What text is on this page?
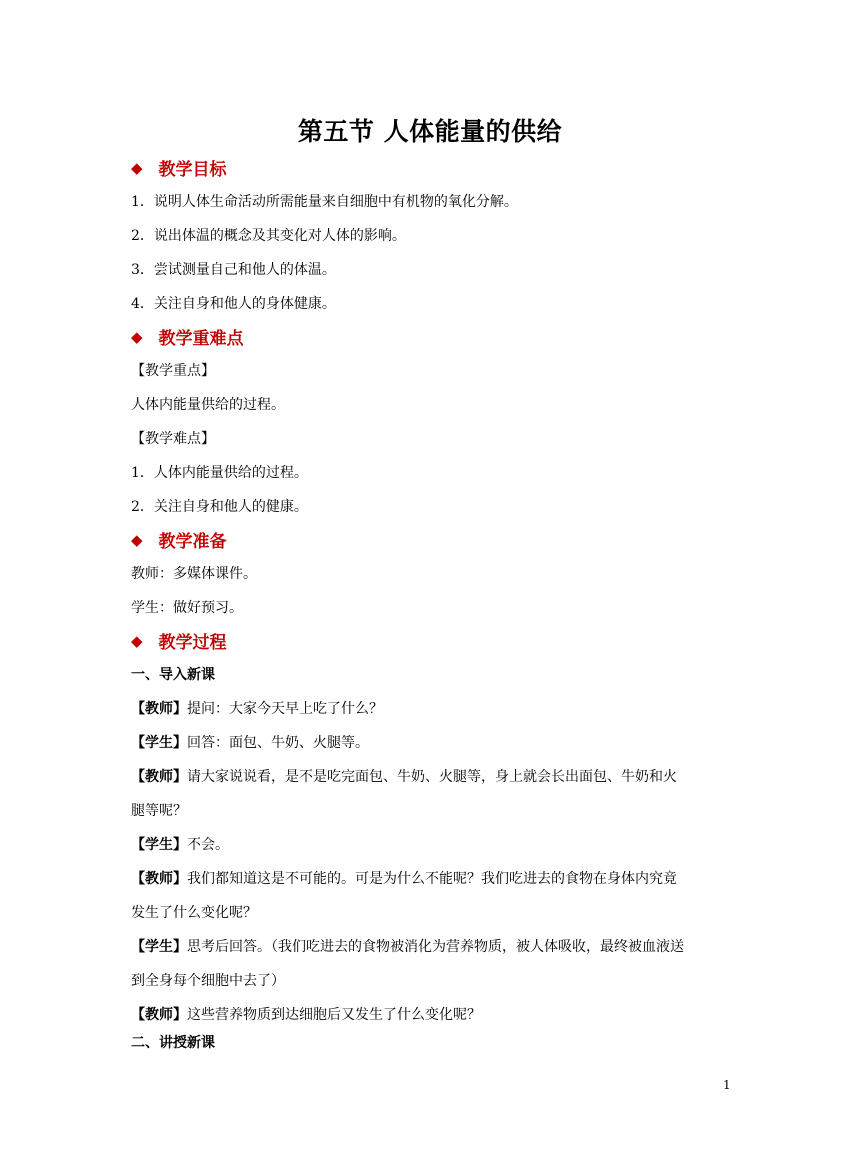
第五节 人体能量的供给
◆ 教学目标
1．说明人体生命活动所需能量来自细胞中有机物的氧化分解。
2．说出体温的概念及其变化对人体的影响。
3．尝试测量自己和他人的体温。
4．关注自身和他人的身体健康。
◆ 教学重难点
【教学重点】
人体内能量供给的过程。
【教学难点】
1．人体内能量供给的过程。
2．关注自身和他人的健康。
◆ 教学准备
教师：多媒体课件。
学生：做好预习。
◆ 教学过程
一、导入新课
【教师】提问：大家今天早上吃了什么？
【学生】回答：面包、牛奶、火腿等。
【教师】请大家说说看，是不是吃完面包、牛奶、火腿等，身上就会长出面包、牛奶和火
腿等呢？
【学生】不会。
【教师】我们都知道这是不可能的。可是为什么不能呢？我们吃进去的食物在身体内究竟
发生了什么变化呢？
【学生】思考后回答。（我们吃进去的食物被消化为营养物质，被人体吸收，最终被血液送
到全身每个细胞中去了）
【教师】这些营养物质到达细胞后又发生了什么变化呢？
二、讲授新课
1
